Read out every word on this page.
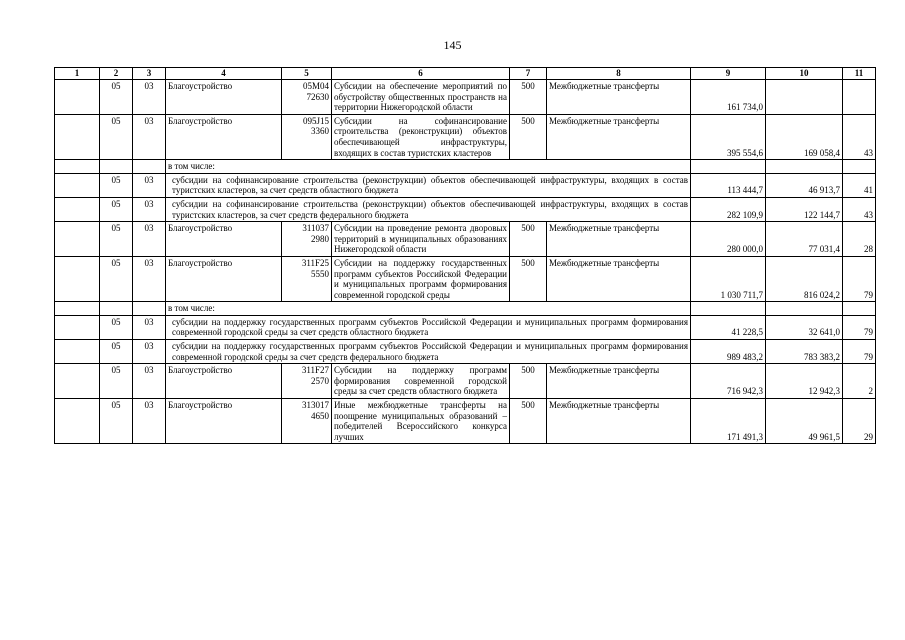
145
1	2	3	4	5	6	7	8	9	10	11
	05	03	Благоустройство	05М04 72630	Субсидии на обеспечение мероприятий по обустройству общественных пространств на территории Нижегородской области	500	Межбюджетные трансферты	161 734,0		
	05	03	Благоустройство	095J15 3360	Субсидии на софинансирование строительства (реконструкции) объектов обеспечивающей инфраструктуры, входящих в состав туристских кластеров	500	Межбюджетные трансферты	395 554,6	169 058,4	43
			в том числе:							
	05	03	субсидии на софинансирование строительства (реконструкции) объектов обеспечивающей инфраструктуры, входящих в состав туристских кластеров, за счет средств областного бюджета					113 444,7	46 913,7	41
	05	03	субсидии на софинансирование строительства (реконструкции) объектов обеспечивающей инфраструктуры, входящих в состав туристских кластеров, за счет средств федерального бюджета					282 109,9	122 144,7	43
	05	03	Благоустройство	311037 2980	Субсидии на проведение ремонта дворовых территорий в муниципальных образованиях Нижегородской области	500	Межбюджетные трансферты	280 000,0	77 031,4	28
	05	03	Благоустройство	311F25 5550	Субсидии на поддержку государственных программ субъектов Российской Федерации и муниципальных программ формирования современной городской среды	500	Межбюджетные трансферты	1 030 711,7	816 024,2	79
			в том числе:							
	05	03	субсидии на поддержку государственных программ субъектов Российской Федерации и муниципальных программ формирования современной городской среды за счет средств областного бюджета					41 228,5	32 641,0	79
	05	03	субсидии на поддержку государственных программ субъектов Российской Федерации и муниципальных программ формирования современной городской среды за счет средств федерального бюджета					989 483,2	783 383,2	79
	05	03	Благоустройство	311F27 2570	Субсидии на поддержку программ формирования современной городской среды за счет средств областного бюджета	500	Межбюджетные трансферты	716 942,3	12 942,3	2
	05	03	Благоустройство	313017 4650	Иные межбюджетные трансферты на поощрение муниципальных образований – победителей Всероссийского конкурса лучших	500	Межбюджетные трансферты	171 491,3	49 961,5	29
